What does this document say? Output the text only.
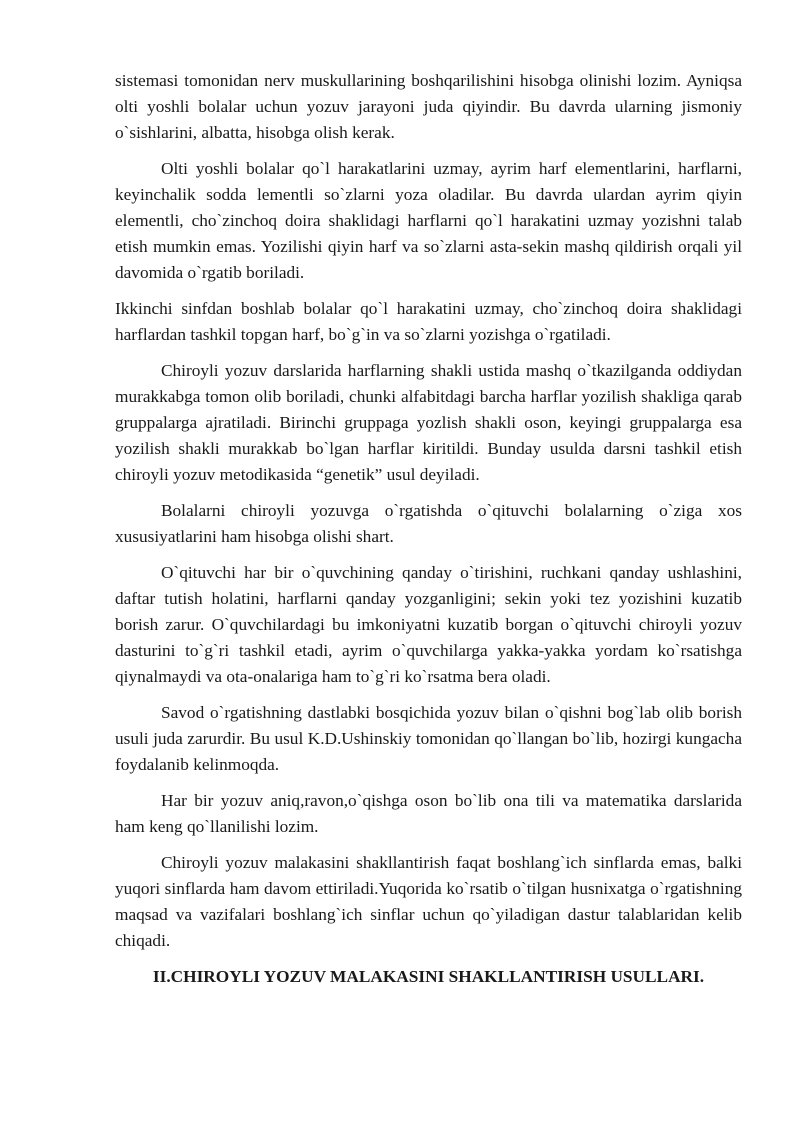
sistemasi tomonidan nerv muskullarining boshqarilishini hisobga olinishi lozim. Ayniqsa olti yoshli bolalar uchun yozuv jarayoni juda qiyindir. Bu davrda ularning jismoniy o`sishlarini, albatta, hisobga olish kerak.

Olti yoshli bolalar qo`l harakatlarini uzmay, ayrim harf elementlarini, harflarni, keyinchalik sodda lementli so`zlarni yoza oladilar. Bu davrda ulardan ayrim qiyin elementli, cho`zinchoq doira shaklidagi harflarni qo`l harakatini uzmay yozishni talab etish mumkin emas. Yozilishi qiyin harf va so`zlarni asta-sekin mashq qildirish orqali yil davomida o`rgatib boriladi.

Ikkinchi sinfdan boshlab bolalar qo`l harakatini uzmay, cho`zinchoq doira shaklidagi harflardan tashkil topgan harf, bo`g`in va so`zlarni yozishga o`rgatiladi.

Chiroyli yozuv darslarida harflarning shakli ustida mashq o`tkazilganda oddiydan murakkabga tomon olib boriladi, chunki alfabitdagi barcha harflar yozilish shakliga qarab gruppalarga ajratiladi. Birinchi gruppaga yozlish shakli oson, keyingi gruppalarga esa yozilish shakli murakkab bo`lgan harflar kiritildi. Bunday usulda darsni tashkil etish chiroyli yozuv metodikasida “genetik” usul deyiladi.

Bolalarni chiroyli yozuvga o`rgatishda o`qituvchi bolalarning o`ziga xos xususiyatlarini ham hisobga olishi shart.

O`qituvchi har bir o`quvchining qanday o`tirishini, ruchkani qanday ushlashini, daftar tutish holatini, harflarni qanday yozganligini; sekin yoki tez yozishini kuzatib borish zarur. O`quvchilardagi bu imkoniyatni kuzatib borgan o`qituvchi chiroyli yozuv dasturini to`g`ri tashkil etadi, ayrim o`quvchilarga yakka-yakka yordam ko`rsatishga qiynalmaydi va ota-onalariga ham to`g`ri ko`rsatma bera oladi.

Savod o`rgatishning dastlabki bosqichida yozuv bilan o`qishni bog`lab olib borish usuli juda zarurdir. Bu usul K.D.Ushinskiy tomonidan qo`llangan bo`lib, hozirgi kungacha foydalanib kelinmoqda.

Har bir yozuv aniq,ravon,o`qishga oson bo`lib ona tili va matematika darslarida ham keng qo`llanilishi lozim.

Chiroyli yozuv malakasini shakllantirish faqat boshlang`ich sinflarda emas, balki yuqori sinflarda ham davom ettiriladi.Yuqorida ko`rsatib o`tilgan husnixatga o`rgatishning maqsad va vazifalari boshlang`ich sinflar uchun qo`yiladigan dastur talablaridan kelib chiqadi.

II.CHIROYLI YOZUV MALAKASINI SHAKLLANTIRISH USULLARI.
